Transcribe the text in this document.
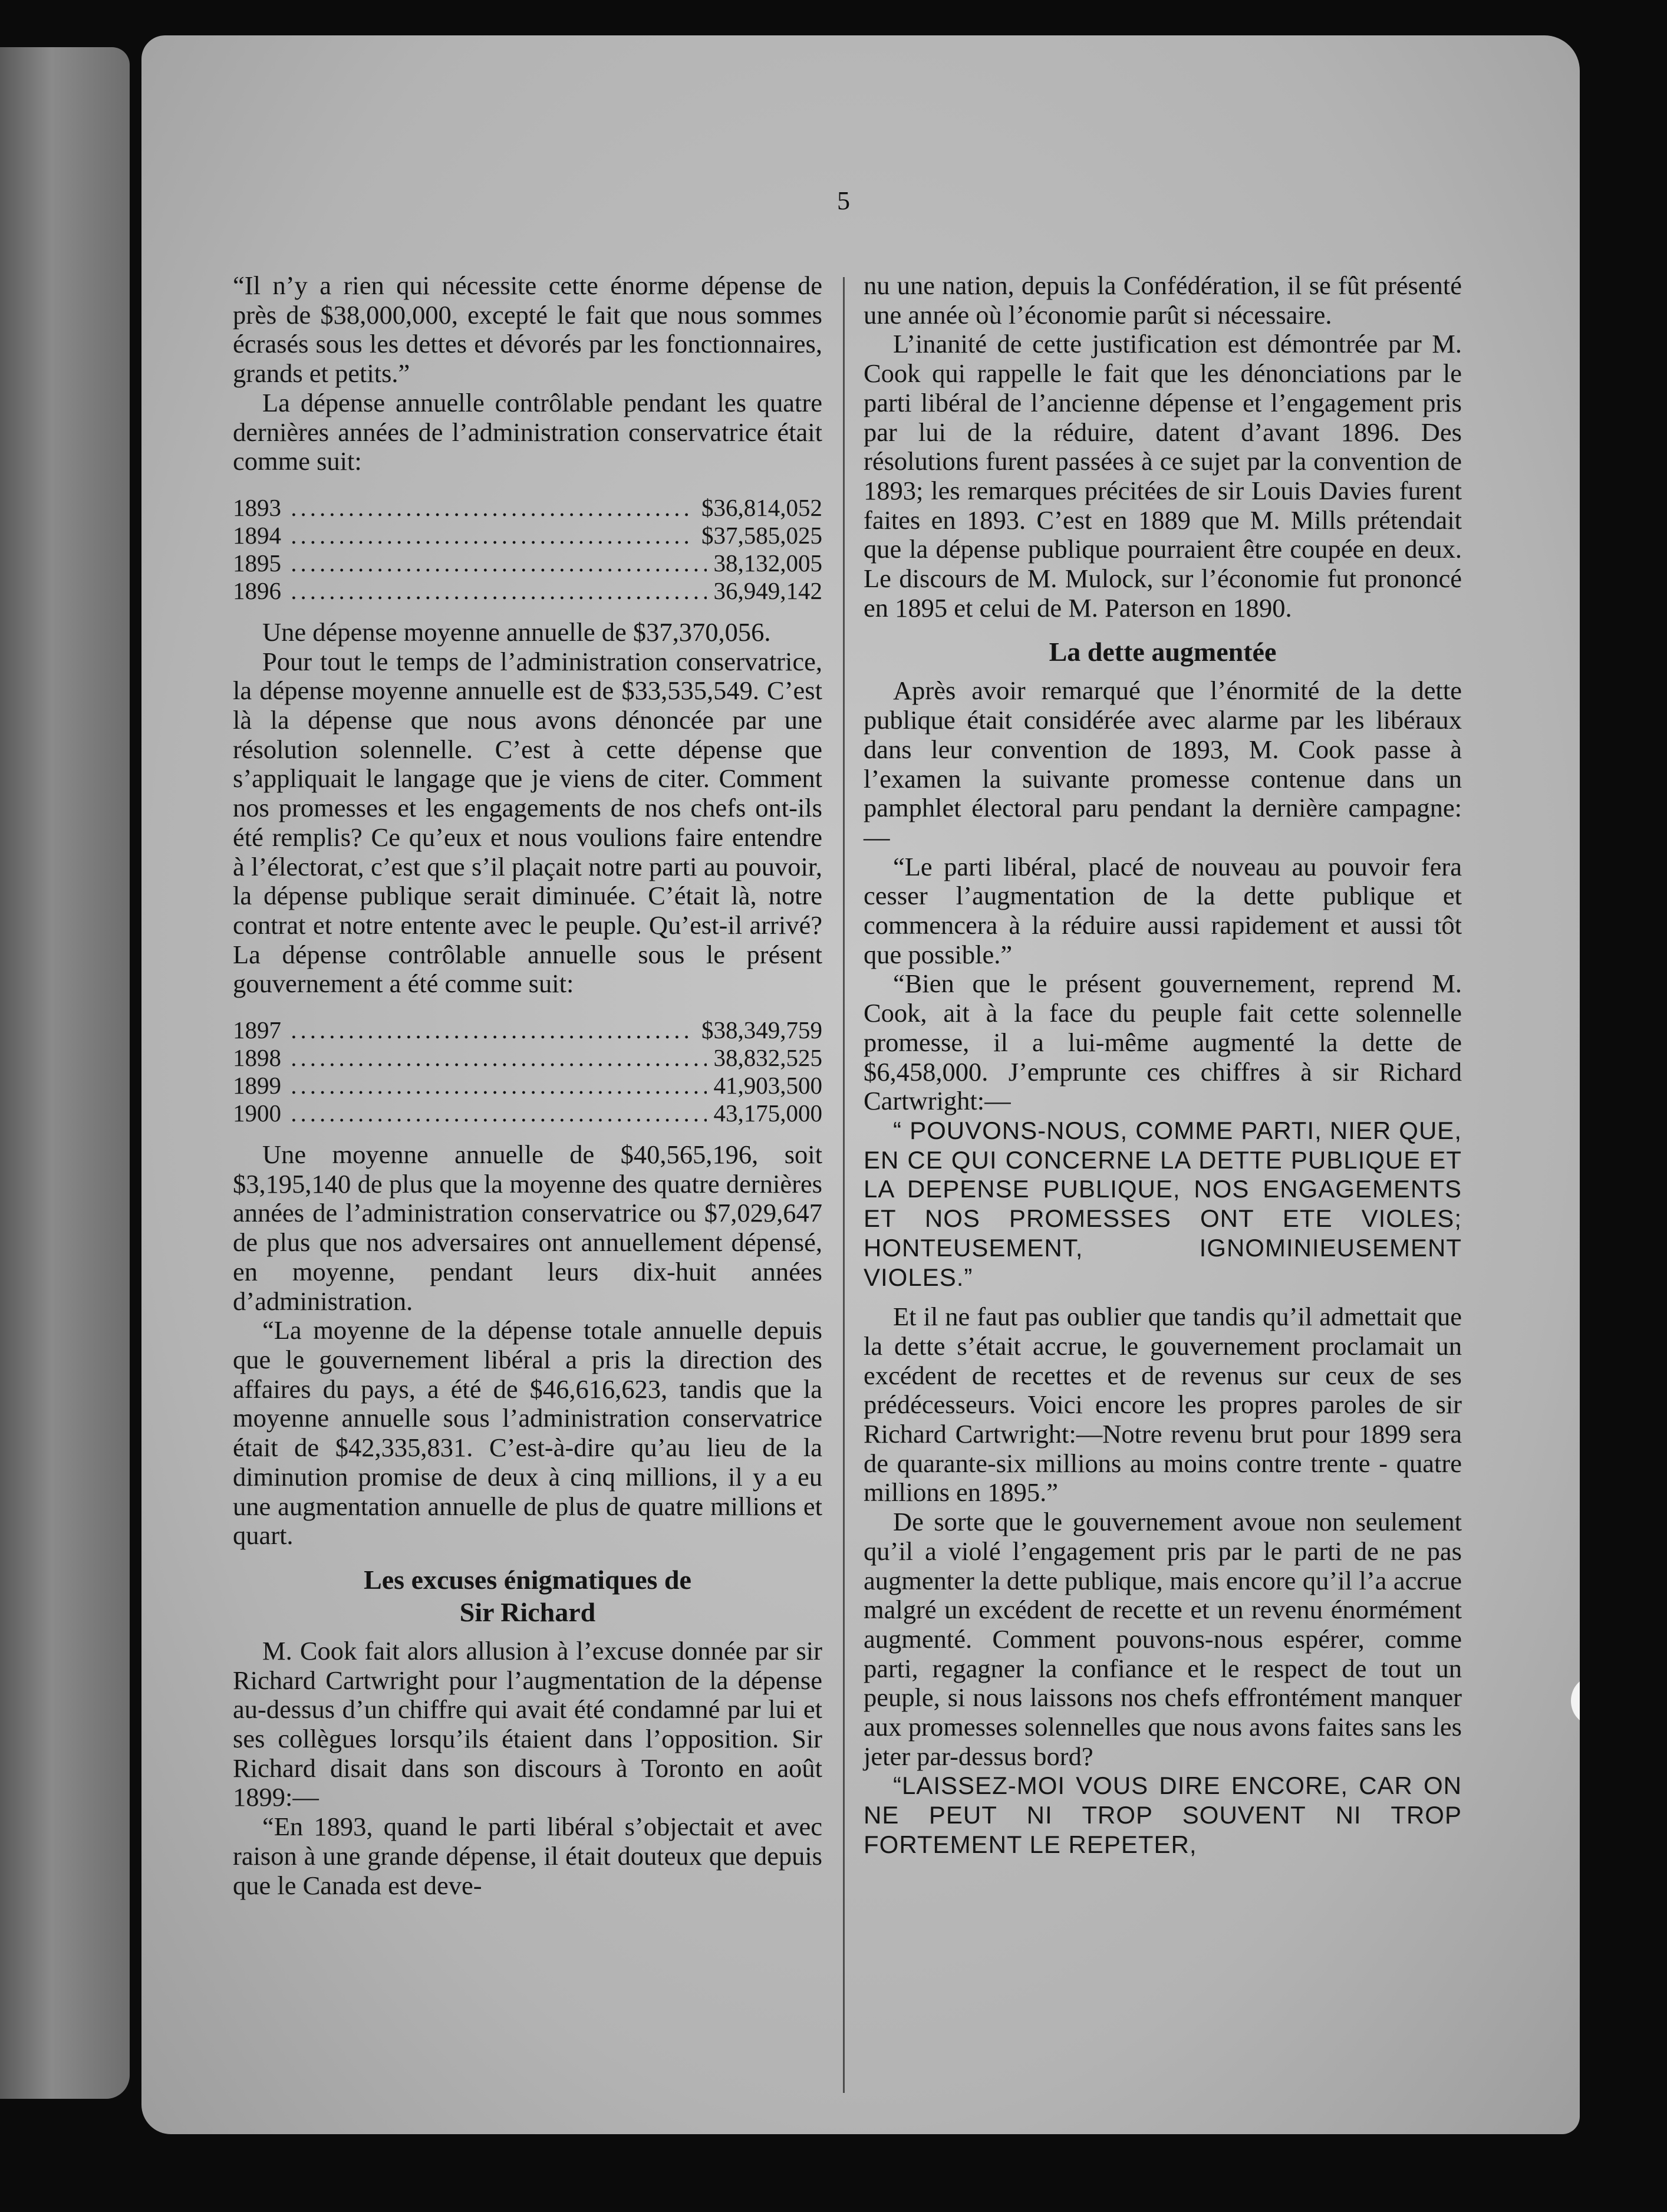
5

“Il n’y a rien qui nécessite cette énorme dépense de près de $38,000,000, excepté le fait que nous sommes écrasés sous les dettes et dévorés par les fonctionnaires, grands et petits.”

La dépense annuelle contrôlable pendant les quatre dernières années de l’administration conservatrice était comme suit:

1893 .....	$36,814,052
1894 .....	$37,585,025
1895 .....	38,132,005
1896 .....	36,949,142

Une dépense moyenne annuelle de $37,370,056.

Pour tout le temps de l’administration conservatrice, la dépense moyenne annuelle est de $33,535,549. C’est là la dépense que nous avons dénoncée par une résolution solennelle. C’est à cette dépense que s’appliquait le langage que je viens de citer. Comment nos promesses et les engagements de nos chefs ont-ils été remplis? Ce qu’eux et nous voulions faire entendre à l’électorat, c’est que s’il plaçait notre parti au pouvoir, la dépense publique serait diminuée. C’était là, notre contrat et notre entente avec le peuple. Qu’est-il arrivé? La dépense contrôlable annuelle sous le présent gouvernement a été comme suit:

1897 .....	$38,349,759
1898 .....	38,832,525
1899 .....	41,903,500
1900 .....	43,175,000

Une moyenne annuelle de $40,565,196, soit $3,195,140 de plus que la moyenne des quatre dernières années de l’administration conservatrice ou $7,029,647 de plus que nos adversaires ont annuellement dépensé, en moyenne, pendant leurs dix-huit années d’administration.

“La moyenne de la dépense totale annuelle depuis que le gouvernement libéral a pris la direction des affaires du pays, a été de $46,616,623, tandis que la moyenne annuelle sous l’administration conservatrice était de $42,335,831. C’est-à-dire qu’au lieu de la diminution promise de deux à cinq millions, il y a eu une augmentation annuelle de plus de quatre millions et quart.

Les excuses énigmatiques de
Sir Richard

M. Cook fait alors allusion à l’excuse donnée par sir Richard Cartwright pour l’augmentation de la dépense au-dessus d’un chiffre qui avait été condamné par lui et ses collègues lorsqu’ils étaient dans l’opposition. Sir Richard disait dans son discours à Toronto en août 1899:—

“En 1893, quand le parti libéral s’objectait et avec raison à une grande dépense, il était douteux que depuis que le Canada est deve-

nu une nation, depuis la Confédération, il se fût présenté une année où l’économie parût si nécessaire.

L’inanité de cette justification est démontrée par M. Cook qui rappelle le fait que les dénonciations par le parti libéral de l’ancienne dépense et l’engagement pris par lui de la réduire, datent d’avant 1896. Des résolutions furent passées à ce sujet par la convention de 1893; les remarques précitées de sir Louis Davies furent faites en 1893. C’est en 1889 que M. Mills prétendait que la dépense publique pourraient être coupée en deux. Le discours de M. Mulock, sur l’économie fut prononcé en 1895 et celui de M. Paterson en 1890.

La dette augmentée

Après avoir remarqué que l’énormité de la dette publique était considérée avec alarme par les libéraux dans leur convention de 1893, M. Cook passe à l’examen la suivante promesse contenue dans un pamphlet électoral paru pendant la dernière campagne:—

“Le parti libéral, placé de nouveau au pouvoir fera cesser l’augmentation de la dette publique et commencera à la réduire aussi rapidement et aussi tôt que possible.”

“Bien que le présent gouvernement, reprend M. Cook, ait à la face du peuple fait cette solennelle promesse, il a lui-même augmenté la dette de $6,458,000. J’emprunte ces chiffres à sir Richard Cartwright:—

“ POUVONS-NOUS, COMME PARTI, NIER QUE, EN CE QUI CONCERNE LA DETTE PUBLIQUE ET LA DEPENSE PUBLIQUE, NOS ENGAGEMENTS ET NOS PROMESSES ONT ETE VIOLES; HONTEUSEMENT, IGNOMINIEUSEMENT VIOLES.”

Et il ne faut pas oublier que tandis qu’il admettait que la dette s’était accrue, le gouvernement proclamait un excédent de recettes et de revenus sur ceux de ses prédécesseurs. Voici encore les propres paroles de sir Richard Cartwright:—Notre revenu brut pour 1899 sera de quarante-six millions au moins contre trente - quatre millions en 1895.”

De sorte que le gouvernement avoue non seulement qu’il a violé l’engagement pris par le parti de ne pas augmenter la dette publique, mais encore qu’il l’a accrue malgré un excédent de recette et un revenu énormément augmenté. Comment pouvons-nous espérer, comme parti, regagner la confiance et le respect de tout un peuple, si nous laissons nos chefs effrontément manquer aux promesses solennelles que nous avons faites sans les jeter par-dessus bord?

“LAISSEZ-MOI VOUS DIRE ENCORE, CAR ON NE PEUT NI TROP SOUVENT NI TROP FORTEMENT LE REPETER,
